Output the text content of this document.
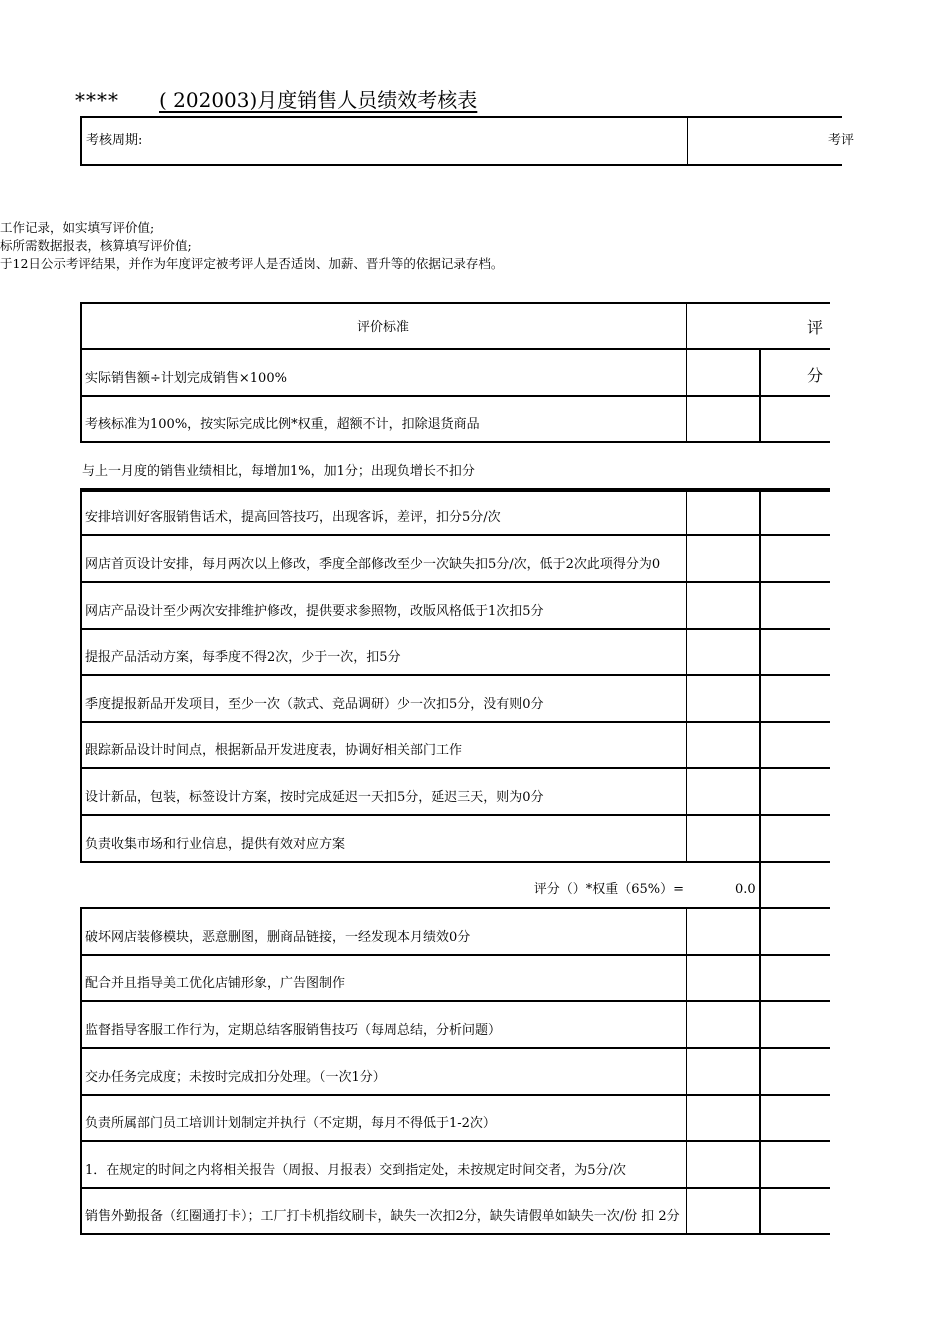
**** ( 202003)月度销售人员绩效考核表
考核周期:	考评
工作记录，如实填写评价值;
标所需数据报表，核算填写评价值;
于12日公示考评结果，并作为年度评定被考评人是否适岗、加薪、晋升等的依据记录存档。
评价标准	评分
实际销售额÷计划完成销售×100%
考核标准为100%，按实际完成比例*权重，超额不计，扣除退货商品
与上一月度的销售业绩相比，每增加1%，加1分；出现负增长不扣分
安排培训好客服销售话术，提高回答技巧，出现客诉，差评，扣分5分/次
网店首页设计安排，每月两次以上修改，季度全部修改至少一次缺失扣5分/次，低于2次此项得分为0
网店产品设计至少两次安排维护修改，提供要求参照物，改版风格低于1次扣5分
提报产品活动方案，每季度不得2次，少于一次，扣5分
季度提报新品开发项目，至少一次（款式、竞品调研）少一次扣5分，没有则0分
跟踪新品设计时间点，根据新品开发进度表，协调好相关部门工作
设计新品，包装，标签设计方案，按时完成延迟一天扣5分，延迟三天，则为0分
负责收集市场和行业信息，提供有效对应方案
评分（）*权重（65%）=	0.0
破坏网店装修模块，恶意删图，删商品链接，一经发现本月绩效0分
配合并且指导美工优化店铺形象，广告图制作
监督指导客服工作行为，定期总结客服销售技巧（每周总结，分析问题）
交办任务完成度；未按时完成扣分处理。（一次1分）
负责所属部门员工培训计划制定并执行（不定期，每月不得低于1-2次）
1．在规定的时间之内将相关报告（周报、月报表）交到指定处，未按规定时间交者，为5分/次
销售外勤报备（红圈通打卡）；工厂打卡机指纹刷卡，缺失一次扣2分，缺失请假单如缺失一次/份 扣 2分
